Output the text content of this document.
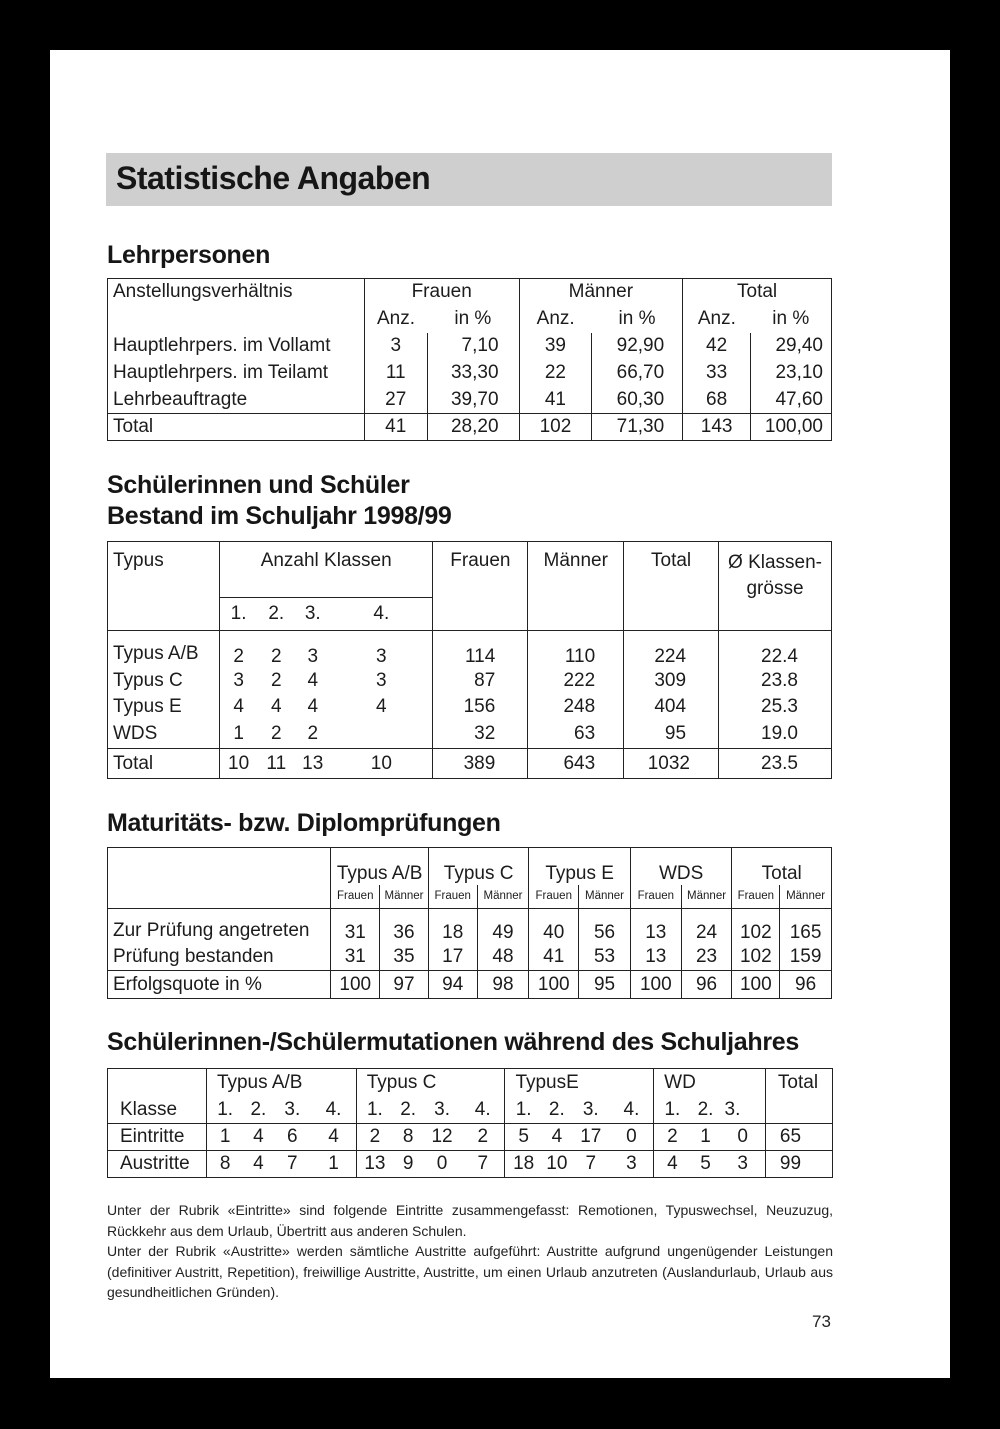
Statistische Angaben
Lehrpersonen
Anstellungsverhältnis	Frauen		Männer		Total	
	Anz.	in %	Anz.	in %	Anz.	in %
Hauptlehrpers. im Vollamt	3	7,10	39	92,90	42	29,40
Hauptlehrpers. im Teilamt	11	33,30	22	66,70	33	23,10
Lehrbeauftragte	27	39,70	41	60,30	68	47,60
Total	41	28,20	102	71,30	143	100,00
Schülerinnen und Schüler
Bestand im Schuljahr 1998/99
Typus	Anzahl Klassen				Frauen	Männer	Total	Ø Klassen-
grösse

	1.	2.	3.	4.				
Typus A/B	2	2	3	3	114	110	224	22.4
Typus C	3	2	4	3	87	222	309	23.8
Typus E	4	4	4	4	156	248	404	25.3
WDS	1	2	2		32	63	95	19.0
Total	10	11	13	10	389	643	1032	23.5
Maturitäts- bzw. Diplomprüfungen
	Typus A/B		Typus C		Typus E		WDS		Total	
	Frauen	Männer	Frauen	Männer	Frauen	Männer	Frauen	Männer	Frauen	Männer
Zur Prüfung angetreten	31	36	18	49	40	56	13	24	102	165
Prüfung bestanden	31	35	17	48	41	53	13	23	102	159
Erfolgsquote in %	100	97	94	98	100	95	100	96	100	96
Schülerinnen-/Schülermutationen während des Schuljahres
	Typus A/B				Typus C				TypusE				WD			Total
Klasse	1.	2.	3.	4.	1.	2.	3.	4.	1.	2.	3.	4.	1.	2.	3.	
Eintritte	1	4	6	4	2	8	12	2	5	4	17	0	2	1	0	65
Austritte	8	4	7	1	13	9	0	7	18	10	7	3	4	5	3	99
Unter der Rubrik «Eintritte» sind folgende Eintritte zusammengefasst: Remotionen, Typuswechsel, Neuzuzug, Rückkehr aus dem Urlaub, Übertritt aus anderen Schulen.
Unter der Rubrik «Austritte» werden sämtliche Austritte aufgeführt: Austritte aufgrund ungenügender Leistungen (definitiver Austritt, Repetition), freiwillige Austritte, Austritte, um einen Urlaub anzutreten (Auslandurlaub, Urlaub aus gesundheitlichen Gründen).
73
